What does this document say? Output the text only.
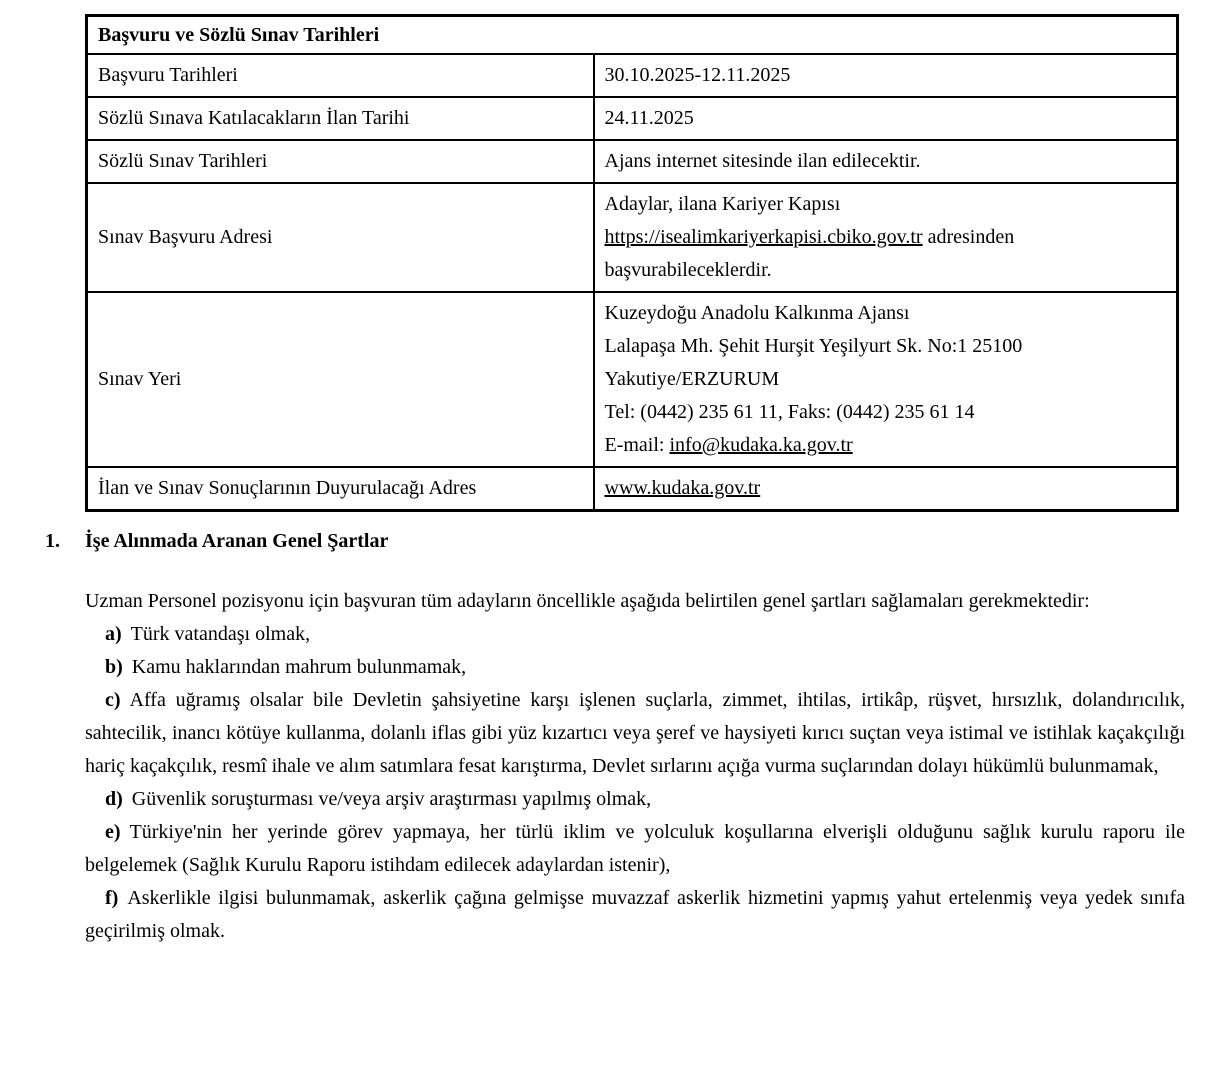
Başvuru ve Sözlü Sınav Tarihleri	
Başvuru Tarihleri	30.10.2025-12.11.2025

Sözlü Sınava Katılacakların İlan Tarihi	24.11.2025

Sözlü Sınav Tarihleri	Ajans internet sitesinde ilan edilecektir.

Sınav Başvuru Adresi	Adaylar, ilana Kariyer Kapısı
https://isealimkariyerkapisi.cbiko.gov.tr adresinden
başvurabileceklerdir.

Sınav Yeri	Kuzeydoğu Anadolu Kalkınma Ajansı
Lalapaşa Mh. Şehit Hurşit Yeşilyurt Sk. No:1 25100
Yakutiye/ERZURUM
Tel: (0442) 235 61 11, Faks: (0442) 235 61 14
E-mail: info@kudaka.ka.gov.tr

İlan ve Sınav Sonuçlarının Duyurulacağı Adres	www.kudaka.gov.tr
1. İşe Alınmada Aranan Genel Şartlar

Uzman Personel pozisyonu için başvuran tüm adayların öncellikle aşağıda belirtilen genel şartları sağlamaları gerekmektedir:

a) Türk vatandaşı olmak,
b) Kamu haklarından mahrum bulunmamak,
c) Affa uğramış olsalar bile Devletin şahsiyetine karşı işlenen suçlarla, zimmet, ihtilas, irtikâp, rüşvet, hırsızlık, dolandırıcılık, sahtecilik, inancı kötüye kullanma, dolanlı iflas gibi yüz kızartıcı veya şeref ve haysiyeti kırıcı suçtan veya istimal ve istihlak kaçakçılığı hariç kaçakçılık, resmî ihale ve alım satımlara fesat karıştırma, Devlet sırlarını açığa vurma suçlarından dolayı hükümlü bulunmamak,
d) Güvenlik soruşturması ve/veya arşiv araştırması yapılmış olmak,
e) Türkiye'nin her yerinde görev yapmaya, her türlü iklim ve yolculuk koşullarına elverişli olduğunu sağlık kurulu raporu ile belgelemek (Sağlık Kurulu Raporu istihdam edilecek adaylardan istenir),
f) Askerlikle ilgisi bulunmamak, askerlik çağına gelmişse muvazzaf askerlik hizmetini yapmış yahut ertelenmiş veya yedek sınıfa geçirilmiş olmak.
